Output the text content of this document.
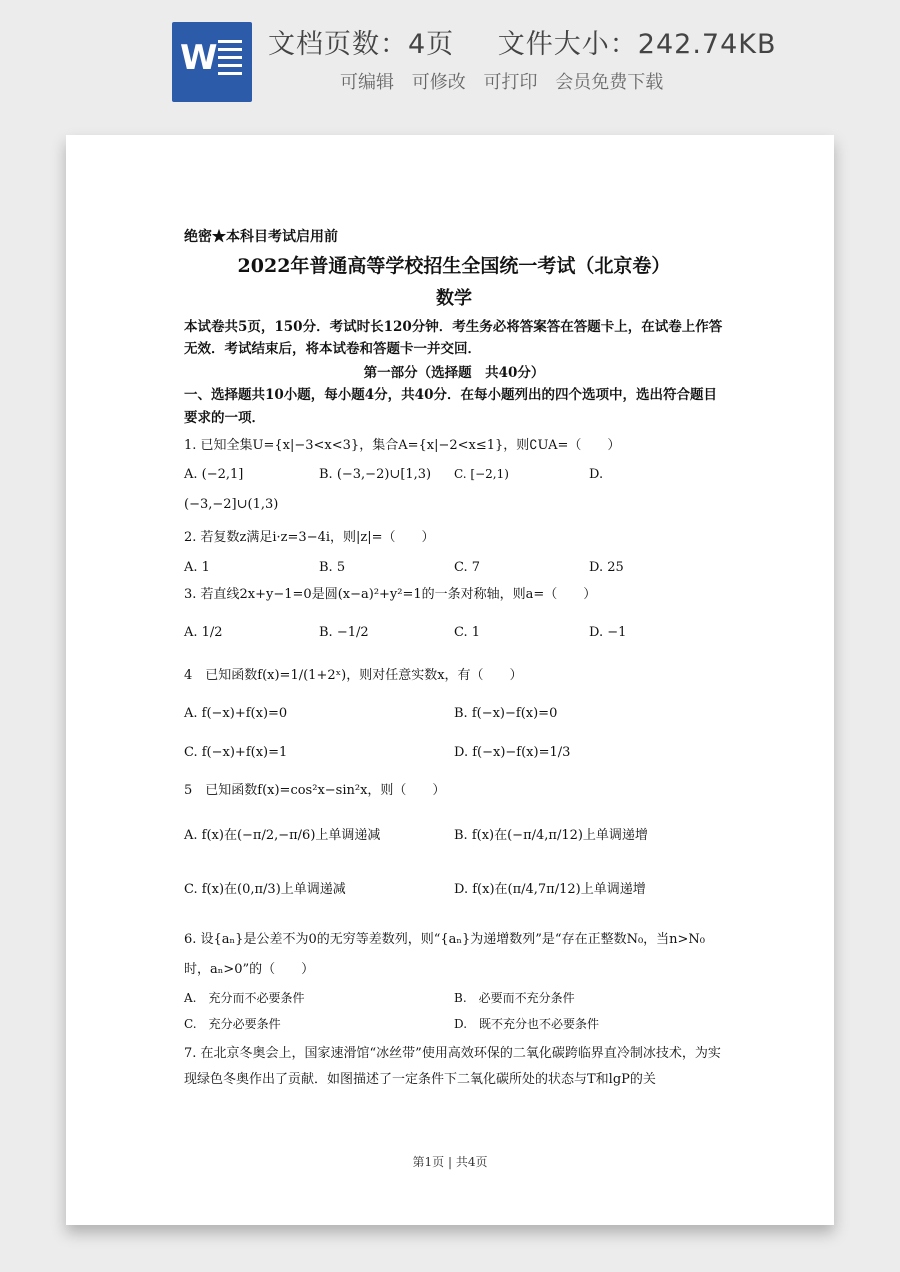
W 文档页数：4页 文件大小：242.74KB
可编辑 可修改 可打印 会员免费下载
绝密★本科目考试启用前
2022年普通高等学校招生全国统一考试（北京卷）
数学
本试卷共5页，150分．考试时长120分钟．考生务必将答案答在答题卡上，在试卷上作答无效．考试结束后，将本试卷和答题卡一并交回．
第一部分（选择题　共40分）
一、选择题共10小题，每小题4分，共40分．在每小题列出的四个选项中，选出符合题目要求的一项．
1. 已知全集U={x|−3<x<3}，集合A={x|−2<x≤1}，则∁UA=（　　）
A. (−2,1]	B. (−3,−2)∪[1,3)	C. [−2,1)	D.
(−3,−2]∪(1,3)
2. 若复数z满足i·z=3−4i，则|z|=（　　）
A. 1	B. 5	C. 7	D. 25
3. 若直线2x+y−1=0是圆(x−a)²+y²=1的一条对称轴，则a=（　　）
A. 1/2	B. −1/2	C. 1	D. −1
4　已知函数f(x)=1/(1+2ˣ)，则对任意实数x，有（　　）
A. f(−x)+f(x)=0	B. f(−x)−f(x)=0
C. f(−x)+f(x)=1	D. f(−x)−f(x)=1/3
5　已知函数f(x)=cos²x−sin²x，则（　　）
A. f(x)在(−π/2,−π/6)上单调递减	B. f(x)在(−π/4,π/12)上单调递增
C. f(x)在(0,π/3)上单调递减	D. f(x)在(π/4,7π/12)上单调递增
6. 设{aₙ}是公差不为0的无穷等差数列，则“{aₙ}为递增数列”是“存在正整数N₀，当n>N₀时，aₙ>0”的（　　）
A.　充分而不必要条件	B.　必要而不充分条件
C.　充分必要条件	D.　既不充分也不必要条件
7. 在北京冬奥会上，国家速滑馆“冰丝带”使用高效环保的二氧化碳跨临界直冷制冰技术，为实现绿色冬奥作出了贡献．如图描述了一定条件下二氧化碳所处的状态与T和lgP的关
第1页 | 共4页
